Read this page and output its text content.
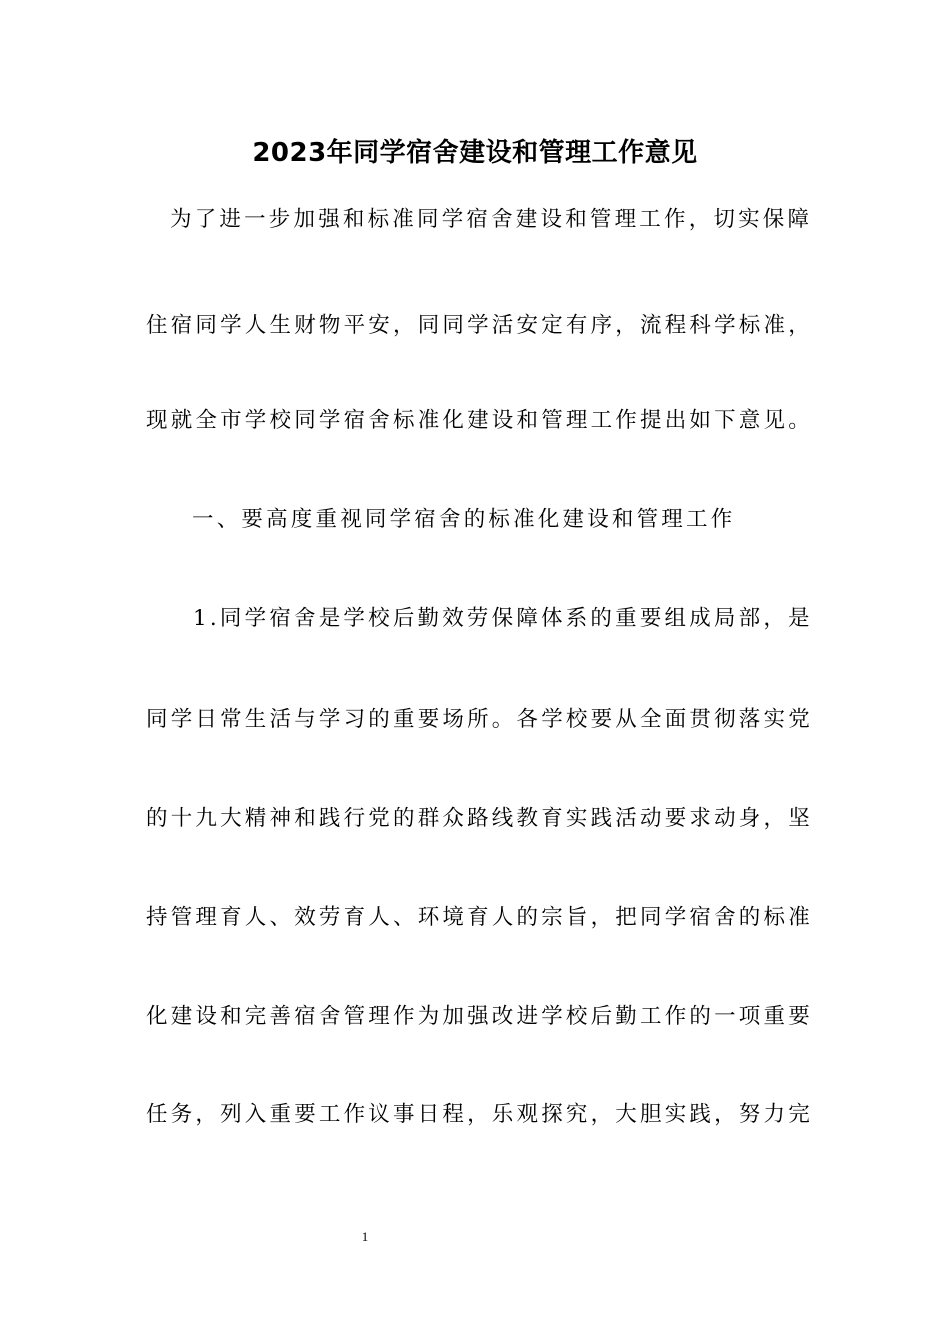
2023年同学宿舍建设和管理工作意见
为了进一步加强和标准同学宿舍建设和管理工作，切实保障
住宿同学人生财物平安，同同学活安定有序，流程科学标准，
现就全市学校同学宿舍标准化建设和管理工作提出如下意见。
一、要高度重视同学宿舍的标准化建设和管理工作
1.同学宿舍是学校后勤效劳保障体系的重要组成局部，是
同学日常生活与学习的重要场所。各学校要从全面贯彻落实党
的十九大精神和践行党的群众路线教育实践活动要求动身，坚
持管理育人、效劳育人、环境育人的宗旨，把同学宿舍的标准
化建设和完善宿舍管理作为加强改进学校后勤工作的一项重要
任务，列入重要工作议事日程，乐观探究，大胆实践，努力完
1
